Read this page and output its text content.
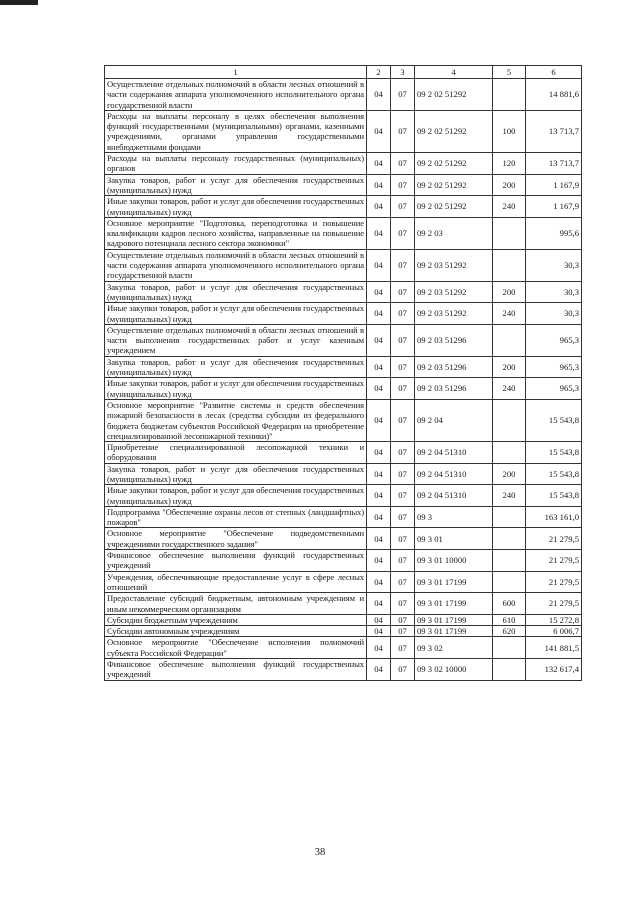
1	2	3	4	5	6
Осуществление отдельных полномочий в области лесных отношений в части содержания аппарата уполномоченного исполнительного органа государственной власти	04	07	09 2 02 51292		14 881,6
Расходы на выплаты персоналу в целях обеспечения выполнения функций государственными (муниципальными) органами, казенными учреждениями, органами управления государственными внебюджетными фондами	04	07	09 2 02 51292	100	13 713,7
Расходы на выплаты персоналу государственных (муниципальных) органов	04	07	09 2 02 51292	120	13 713,7
Закупка товаров, работ и услуг для обеспечения государственных (муниципальных) нужд	04	07	09 2 02 51292	200	1 167,9
Иные закупки товаров, работ и услуг для обеспечения государственных (муниципальных) нужд	04	07	09 2 02 51292	240	1 167,9
Основное мероприятие "Подготовка, переподготовка и повышение квалификации кадров лесного хозяйства, направленные на повышение кадрового потенциала лесного сектора экономики"	04	07	09 2 03		995,6
Осуществление отдельных полномочий в области лесных отношений в части содержания аппарата уполномоченного исполнительного органа государственной власти	04	07	09 2 03 51292		30,3
Закупка товаров, работ и услуг для обеспечения государственных (муниципальных) нужд	04	07	09 2 03 51292	200	30,3
Иные закупки товаров, работ и услуг для обеспечения государственных (муниципальных) нужд	04	07	09 2 03 51292	240	30,3
Осуществление отдельных полномочий в области лесных отношений в части выполнения государственных работ и услуг казенным учреждением	04	07	09 2 03 51296		965,3
Закупка товаров, работ и услуг для обеспечения государственных (муниципальных) нужд	04	07	09 2 03 51296	200	965,3
Иные закупки товаров, работ и услуг для обеспечения государственных (муниципальных) нужд	04	07	09 2 03 51296	240	965,3
Основное мероприятие "Развитие системы и средств обеспечения пожарной безопасности в лесах (средства субсидии из федерального бюджета бюджетам субъектов Российской Федерации на приобретение специализированной лесопожарной техники)"	04	07	09 2 04		15 543,8
Приобретение специализированной лесопожарной техники и оборудования	04	07	09 2 04 51310		15 543,8
Закупка товаров, работ и услуг для обеспечения государственных (муниципальных) нужд	04	07	09 2 04 51310	200	15 543,8
Иные закупки товаров, работ и услуг для обеспечения государственных (муниципальных) нужд	04	07	09 2 04 51310	240	15 543,8
Подпрограмма "Обеспечение охраны лесов от степных (ландшафтных) пожаров"	04	07	09 3		163 161,0
Основное мероприятие "Обеспечение подведомственными учреждениями государственного задания"	04	07	09 3 01		21 279,5
Финансовое обеспечение выполнения функций государственных учреждений	04	07	09 3 01 10000		21 279,5
Учреждения, обеспечивающие предоставление услуг в сфере лесных отношений	04	07	09 3 01 17199		21 279,5
Предоставление субсидий бюджетным, автономным учреждениям и иным некоммерческим организациям	04	07	09 3 01 17199	600	21 279,5
Субсидии бюджетным учреждениям	04	07	09 3 01 17199	610	15 272,8
Субсидии автономным учреждениям	04	07	09 3 01 17199	620	6 006,7
Основное мероприятие "Обеспечение исполнения полномочий субъекта Российской Федерации"	04	07	09 3 02		141 881,5
Финансовое обеспечение выполнения функций государственных учреждений	04	07	09 3 02 10000		132 617,4
38
